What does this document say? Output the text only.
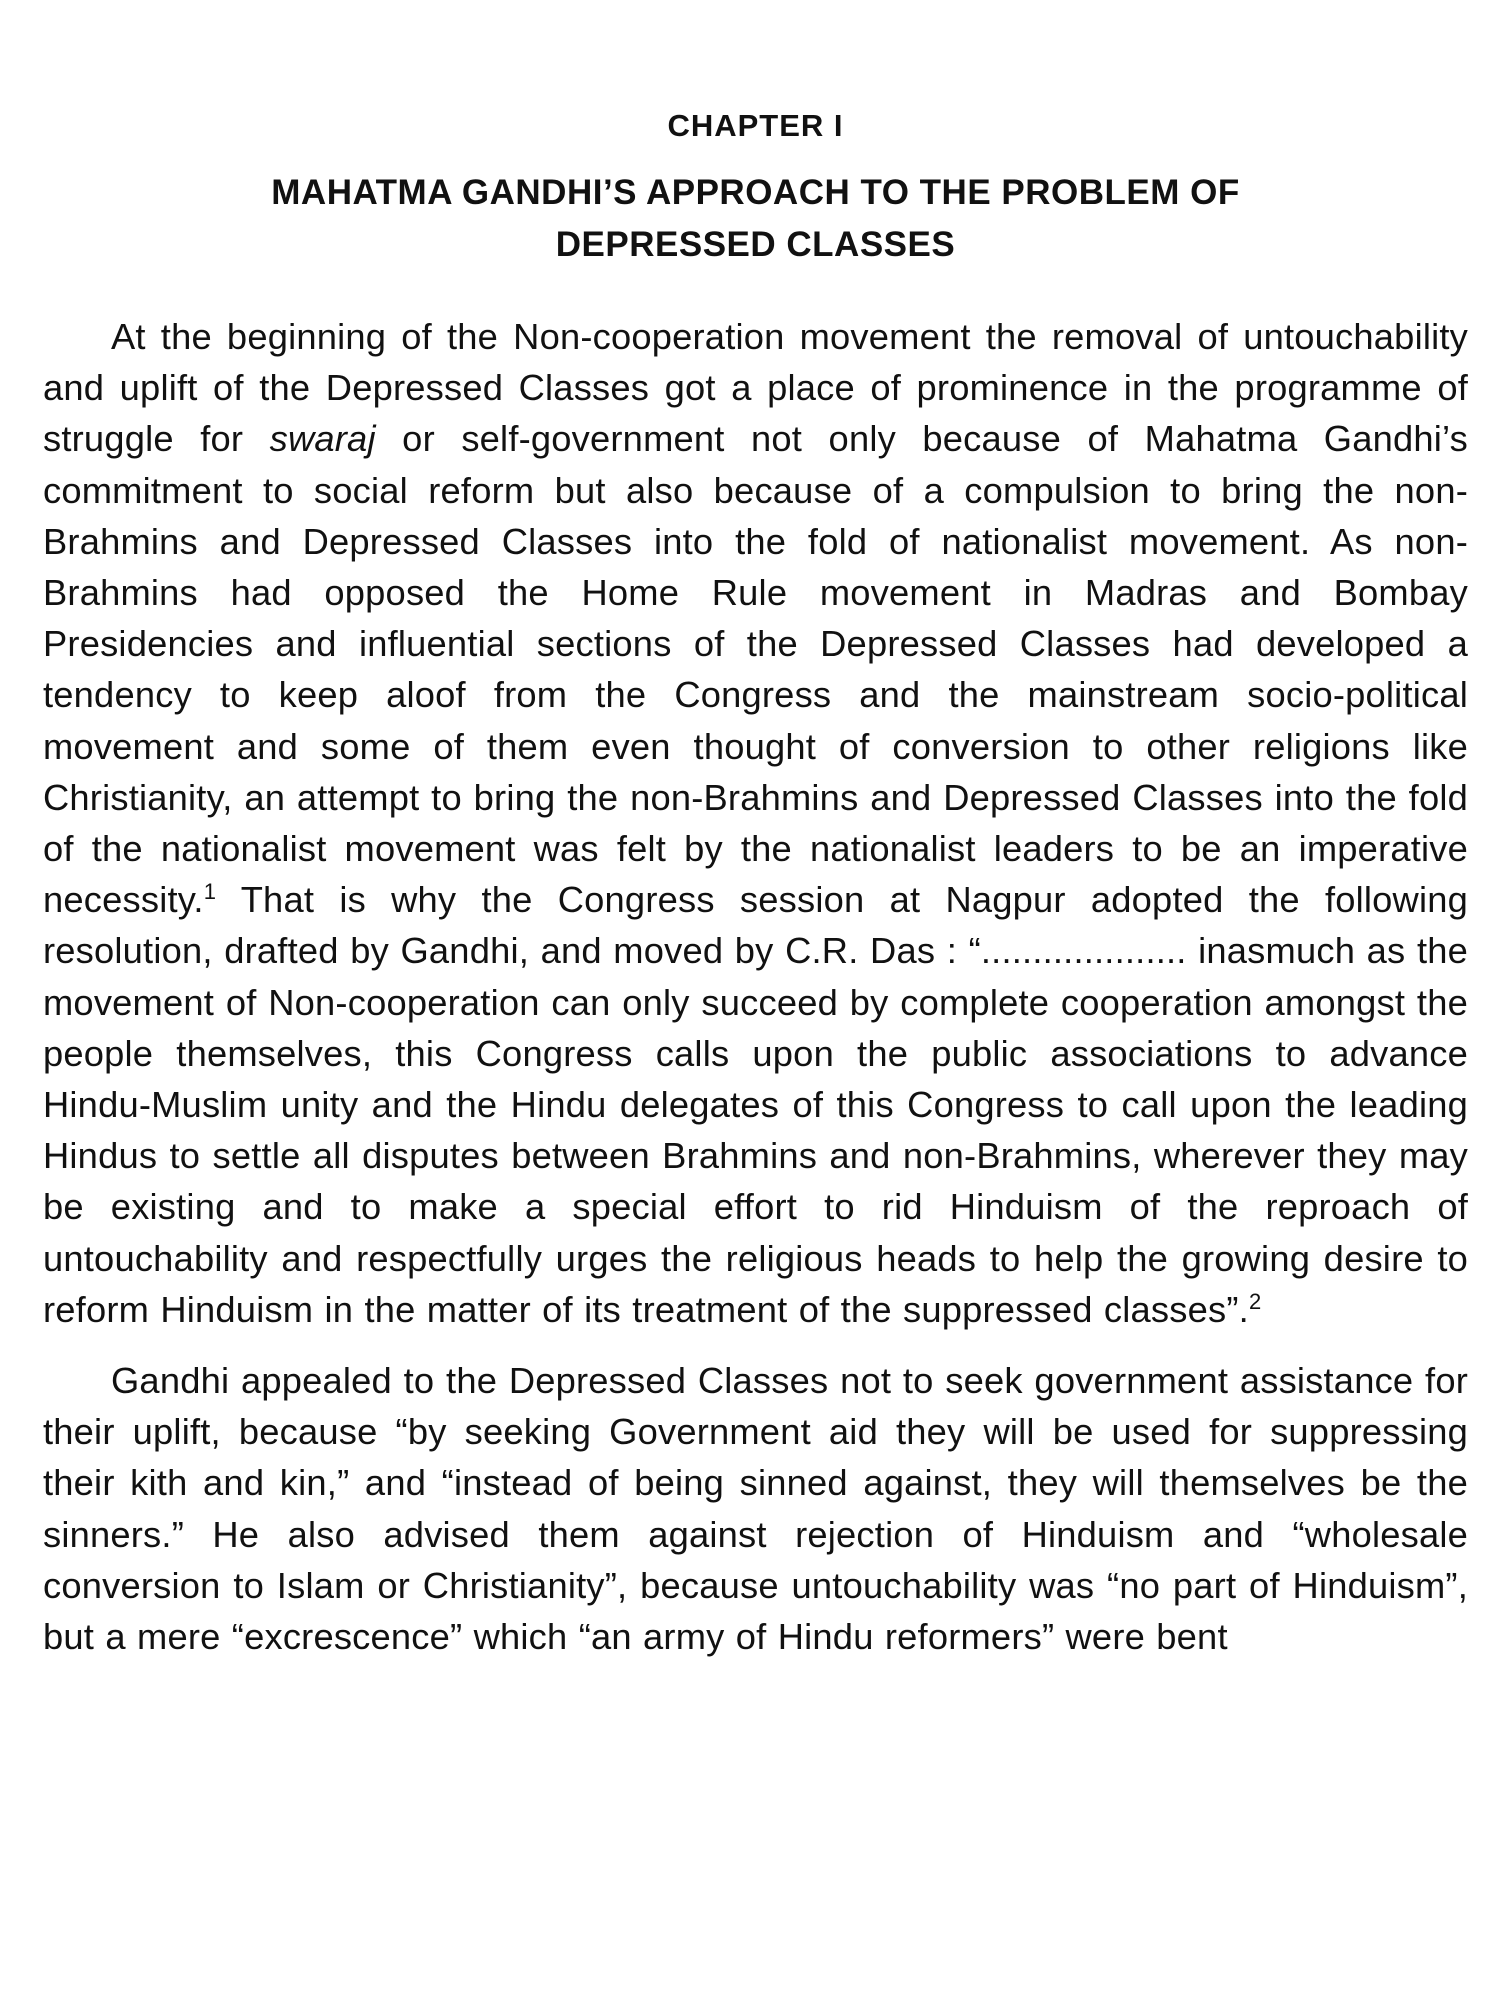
CHAPTER I
MAHATMA GANDHI’S APPROACH TO THE PROBLEM OF
DEPRESSED CLASSES

At the beginning of the Non-cooperation movement the removal of untouchability and uplift of the Depressed Classes got a place of prominence in the programme of struggle for swaraj or self-government not only because of Mahatma Gandhi’s commitment to social reform but also because of a compulsion to bring the non-Brahmins and Depressed Classes into the fold of nationalist movement. As non-Brahmins had opposed the Home Rule movement in Madras and Bombay Presidencies and influential sections of the Depressed Classes had developed a tendency to keep aloof from the Congress and the mainstream socio-political movement and some of them even thought of conversion to other religions like Christianity, an attempt to bring the non-Brahmins and Depressed Classes into the fold of the nationalist movement was felt by the nationalist leaders to be an imperative necessity.$^1$ That is why the Congress session at Nagpur adopted the following resolution, drafted by Gandhi, and moved by C.R. Das : “.................... inasmuch as the movement of Non-cooperation can only succeed by complete cooperation amongst the people themselves, this Congress calls upon the public associations to advance Hindu-Muslim unity and the Hindu delegates of this Congress to call upon the leading Hindus to settle all disputes between Brahmins and non-Brahmins, wherever they may be existing and to make a special effort to rid Hinduism of the reproach of untouchability and respectfully urges the religious heads to help the growing desire to reform Hinduism in the matter of its treatment of the suppressed classes”.$^2$

Gandhi appealed to the Depressed Classes not to seek government assistance for their uplift, because “by seeking Government aid they will be used for suppressing their kith and kin,” and “instead of being sinned against, they will themselves be the sinners.” He also advised them against rejection of Hinduism and “wholesale conversion to Islam or Christianity”, because untouchability was “no part of Hinduism”, but a mere “excrescence” which “an army of Hindu reformers” were bent
